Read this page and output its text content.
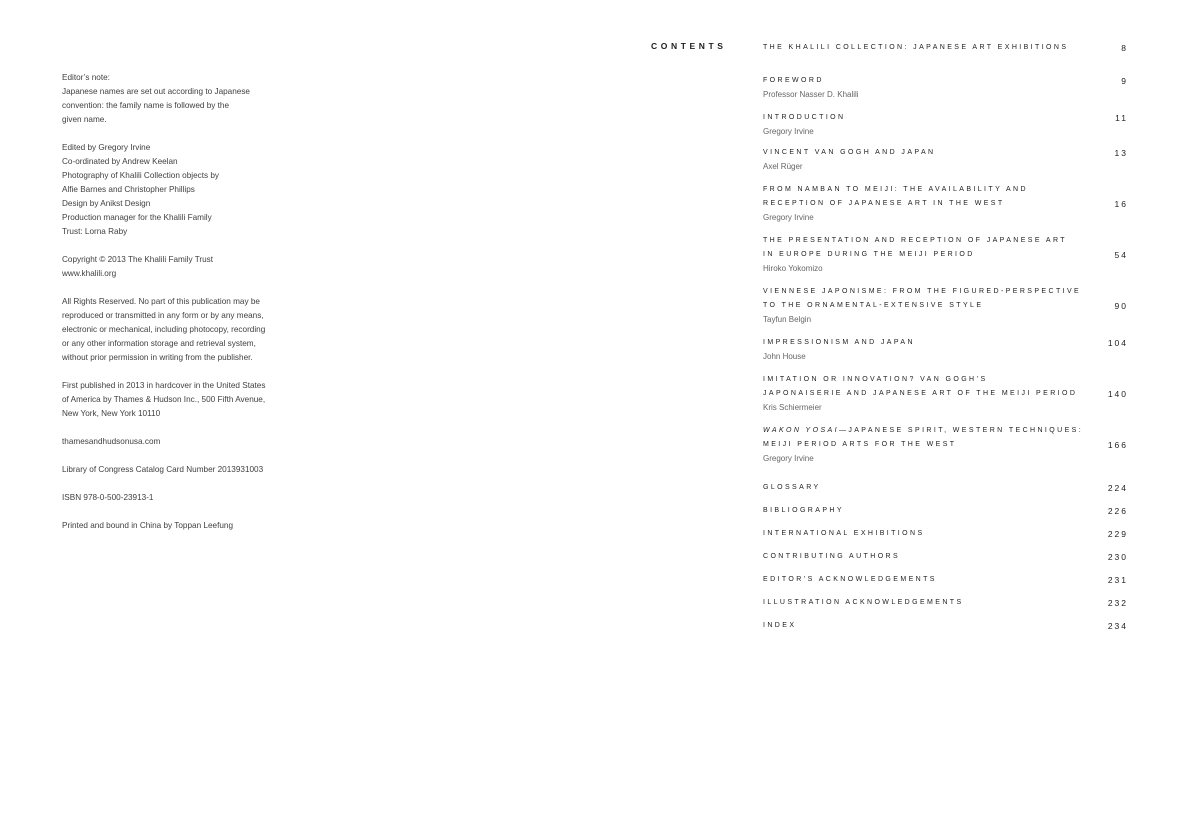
Editor’s note:
Japanese names are set out according to Japanese
convention: the family name is followed by the
given name.
Edited by Gregory Irvine
Co-ordinated by Andrew Keelan
Photography of Khalili Collection objects by
Alfie Barnes and Christopher Phillips
Design by Anikst Design
Production manager for the Khalili Family
Trust: Lorna Raby
Copyright © 2013 The Khalili Family Trust
www.khalili.org
All Rights Reserved. No part of this publication may be
reproduced or transmitted in any form or by any means,
electronic or mechanical, including photocopy, recording
or any other information storage and retrieval system,
without prior permission in writing from the publisher.
First published in 2013 in hardcover in the United States
of America by Thames & Hudson Inc., 500 Fifth Avenue,
New York, New York 10110
thamesandhudsonusa.com
Library of Congress Catalog Card Number 2013931003
ISBN 978-0-500-23913-1
Printed and bound in China by Toppan Leefung
CONTENTS	THE KHALILI COLLECTION: JAPANESE ART EXHIBITIONS	8
FOREWORD
Professor Nasser D. Khalili
9
INTRODUCTION
Gregory Irvine
11
VINCENT VAN GOGH AND JAPAN
Axel Rüger
13
FROM NAMBAN TO MEIJI: THE AVAILABILITY AND
RECEPTION OF JAPANESE ART IN THE WEST
Gregory Irvine
16
THE PRESENTATION AND RECEPTION OF JAPANESE ART
IN EUROPE DURING THE MEIJI PERIOD
Hiroko Yokomizo
54
VIENNESE JAPONISME: FROM THE FIGURED-PERSPECTIVE
TO THE ORNAMENTAL-EXTENSIVE STYLE
Tayfun Belgin
90
IMPRESSIONISM AND JAPAN
John House
104
IMITATION OR INNOVATION? VAN GOGH’S
JAPONAISERIE AND JAPANESE ART OF THE MEIJI PERIOD
Kris Schiermeier
140
WAKON YOSAI—JAPANESE SPIRIT, WESTERN TECHNIQUES:
MEIJI PERIOD ARTS FOR THE WEST
Gregory Irvine
166
GLOSSARY	224
BIBLIOGRAPHY	226
INTERNATIONAL EXHIBITIONS	229
CONTRIBUTING AUTHORS	230
EDITOR’S ACKNOWLEDGEMENTS	231
ILLUSTRATION ACKNOWLEDGEMENTS	232
INDEX	234
